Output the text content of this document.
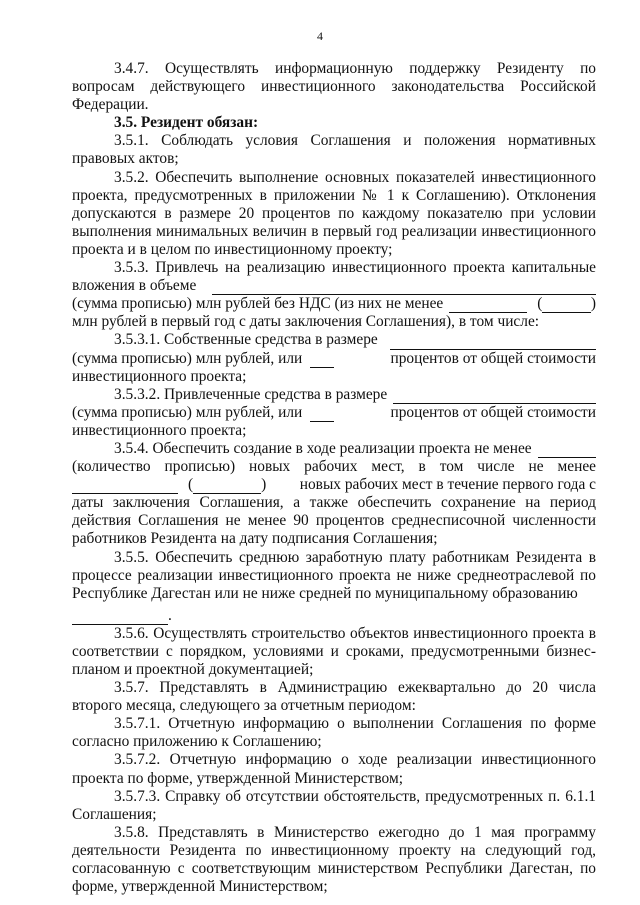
4

3.4.7. Осуществлять информационную поддержку Резиденту по вопросам действующего инвестиционного законодательства Российской Федерации.

3.5. Резидент обязан:

3.5.1. Соблюдать условия Соглашения и положения нормативных правовых актов;

3.5.2. Обеспечить выполнение основных показателей инвестиционного проекта, предусмотренных в приложении № 1 к Соглашению). Отклонения допускаются в размере 20 процентов по каждому показателю при условии выполнения минимальных величин в первый год реализации инвестиционного проекта и в целом по инвестиционному проекту;

3.5.3. Привлечь на реализацию инвестиционного проекта капитальные

вложения в объеме
(сумма прописью) млн рублей без НДС (из них не менее	(	)

млн рублей в первый год с даты заключения Соглашения), в том числе:

3.5.3.1. Собственные средства в размере
(сумма прописью) млн рублей, или	процентов от общей стоимости

инвестиционного проекта;

3.5.3.2. Привлеченные средства в размере
(сумма прописью) млн рублей, или	процентов от общей стоимости

инвестиционного проекта;

3.5.4. Обеспечить создание в ходе реализации проекта не менее

(количество прописью) новых рабочих мест, в том числе не менее

(	) новых рабочих мест в течение первого года с

даты заключения Соглашения, а также обеспечить сохранение на период действия Соглашения не менее 90 процентов среднесписочной численности работников Резидента на дату подписания Соглашения;

3.5.5. Обеспечить среднюю заработную плату работникам Резидента в процессе реализации инвестиционного проекта не ниже среднеотраслевой по Республике Дагестан или не ниже средней по муниципальному образованию

.

3.5.6. Осуществлять строительство объектов инвестиционного проекта в соответствии с порядком, условиями и сроками, предусмотренными бизнес-планом и проектной документацией;

3.5.7. Представлять в Администрацию ежеквартально до 20 числа второго месяца, следующего за отчетным периодом:

3.5.7.1. Отчетную информацию о выполнении Соглашения по форме согласно приложению к Соглашению;

3.5.7.2. Отчетную информацию о ходе реализации инвестиционного проекта по форме, утвержденной Министерством;

3.5.7.3. Справку об отсутствии обстоятельств, предусмотренных п. 6.1.1 Соглашения;

3.5.8. Представлять в Министерство ежегодно до 1 мая программу деятельности Резидента по инвестиционному проекту на следующий год, согласованную с соответствующим министерством Республики Дагестан, по форме, утвержденной Министерством;
